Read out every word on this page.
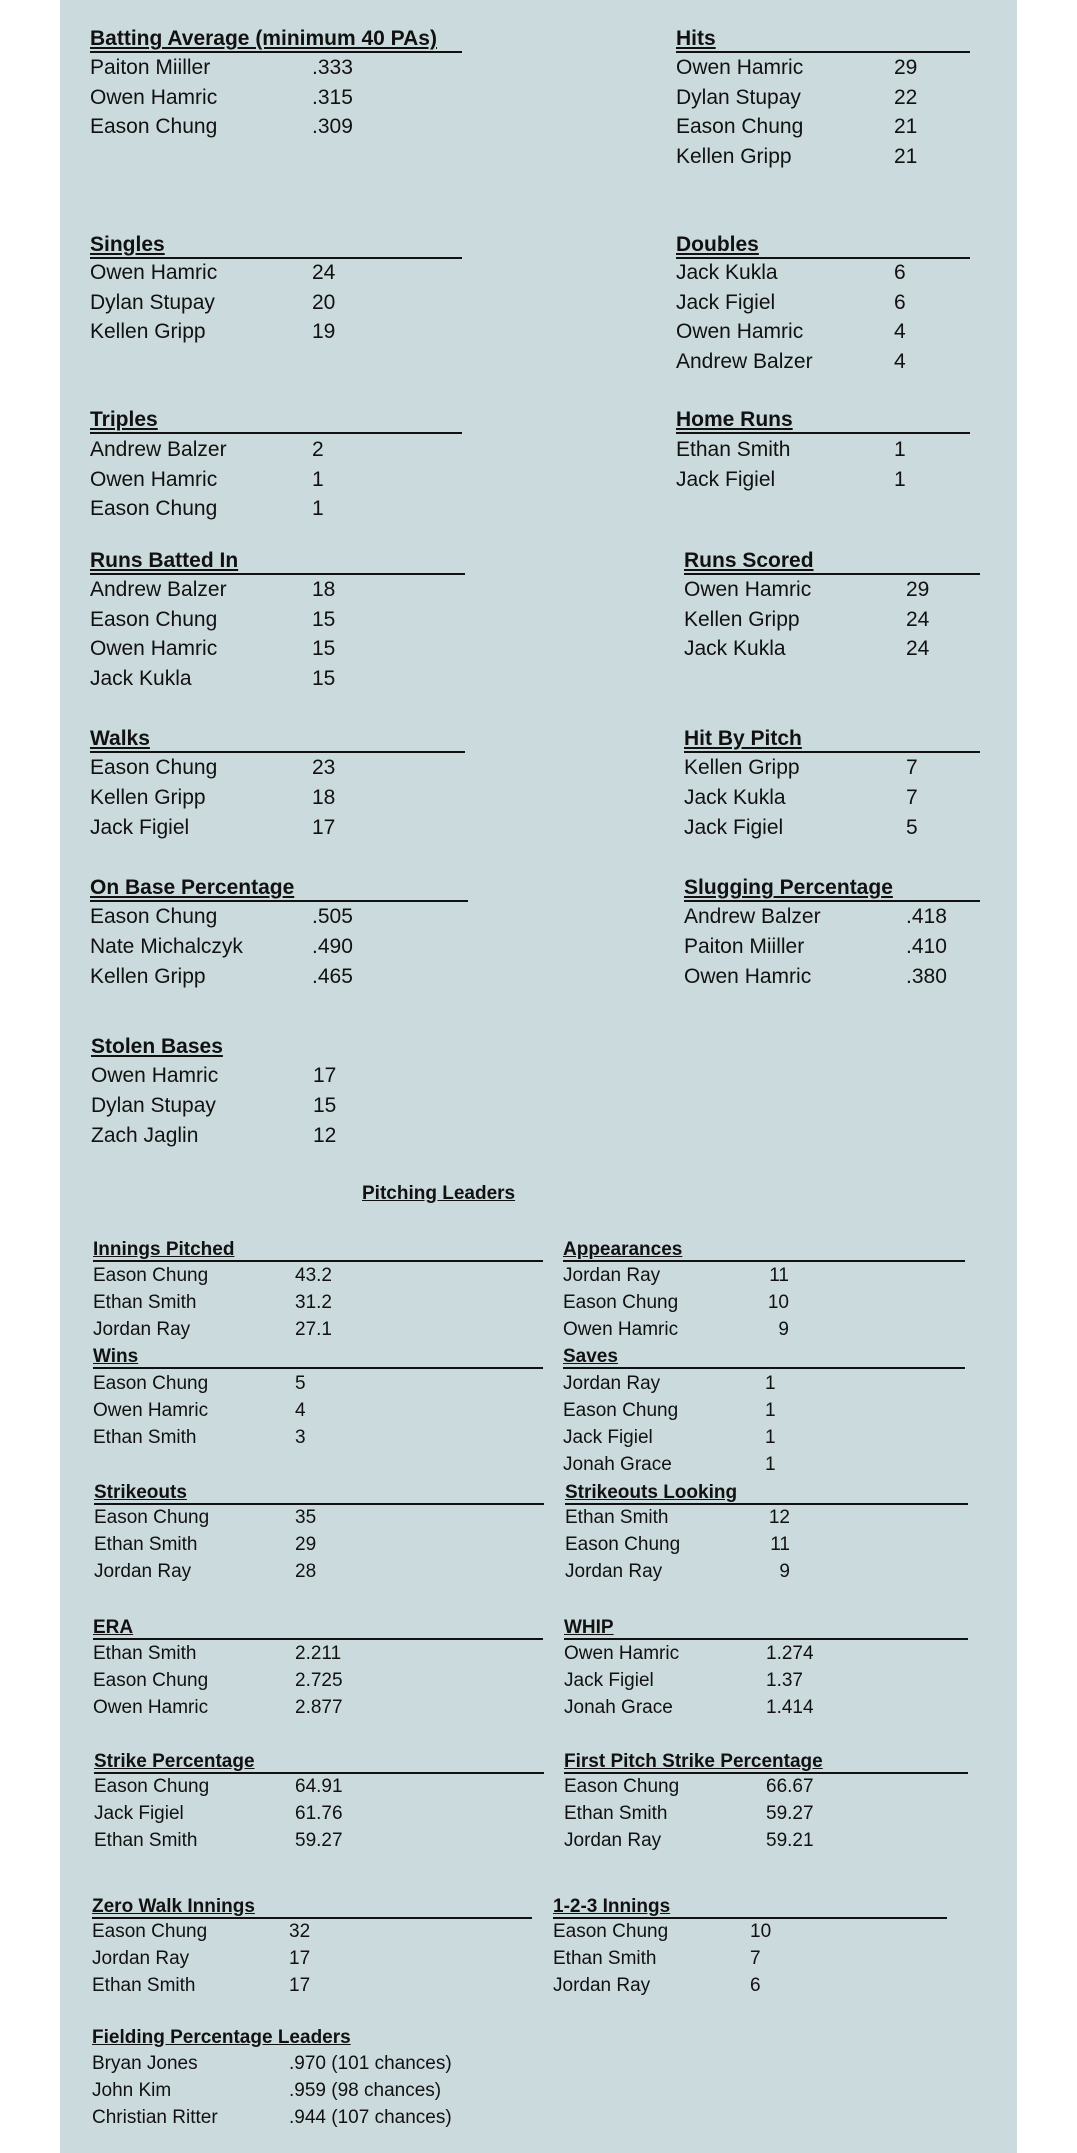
Pitching Leaders
Batting Average (minimum 40 PAs)
Paiton Miiller	.333
Owen Hamric	.315
Eason Chung	.309
Hits
Owen Hamric	29
Dylan Stupay	22
Eason Chung	21
Kellen Gripp	21
Singles
Owen Hamric	24
Dylan Stupay	20
Kellen Gripp	19
Doubles
Jack Kukla	6
Jack Figiel	6
Owen Hamric	4
Andrew Balzer	4
Triples
Andrew Balzer	2
Owen Hamric	1
Eason Chung	1
Home Runs
Ethan Smith	1
Jack Figiel	1
Runs Batted In
Andrew Balzer	18
Eason Chung	15
Owen Hamric	15
Jack Kukla	15
Runs Scored
Owen Hamric	29
Kellen Gripp	24
Jack Kukla	24
Walks
Eason Chung	23
Kellen Gripp	18
Jack Figiel	17
Hit By Pitch
Kellen Gripp	7
Jack Kukla	7
Jack Figiel	5
On Base Percentage
Eason Chung	.505
Nate Michalczyk	.490
Kellen Gripp	.465
Slugging Percentage
Andrew Balzer	.418
Paiton Miiller	.410
Owen Hamric	.380
Stolen Bases
Owen Hamric	17
Dylan Stupay	15
Zach Jaglin	12
Innings Pitched
Eason Chung	43.2
Ethan Smith	31.2
Jordan Ray	27.1
Appearances
Jordan Ray	11
Eason Chung	10
Owen Hamric	9
Wins
Eason Chung	5
Owen Hamric	4
Ethan Smith	3
Saves
Jordan Ray	1
Eason Chung	1
Jack Figiel	1
Jonah Grace	1
Strikeouts
Eason Chung	35
Ethan Smith	29
Jordan Ray	28
Strikeouts Looking
Ethan Smith	12
Eason Chung	11
Jordan Ray	9
ERA
Ethan Smith	2.211
Eason Chung	2.725
Owen Hamric	2.877
WHIP
Owen Hamric	1.274
Jack Figiel	1.37
Jonah Grace	1.414
Strike Percentage
Eason Chung	64.91
Jack Figiel	61.76
Ethan Smith	59.27
First Pitch Strike Percentage
Eason Chung	66.67
Ethan Smith	59.27
Jordan Ray	59.21
Zero Walk Innings
Eason Chung	32
Jordan Ray	17
Ethan Smith	17
1-2-3 Innings
Eason Chung	10
Ethan Smith	7
Jordan Ray	6
Fielding Percentage Leaders
Bryan Jones	.970 (101 chances)
John Kim	.959 (98 chances)
Christian Ritter	.944 (107 chances)
